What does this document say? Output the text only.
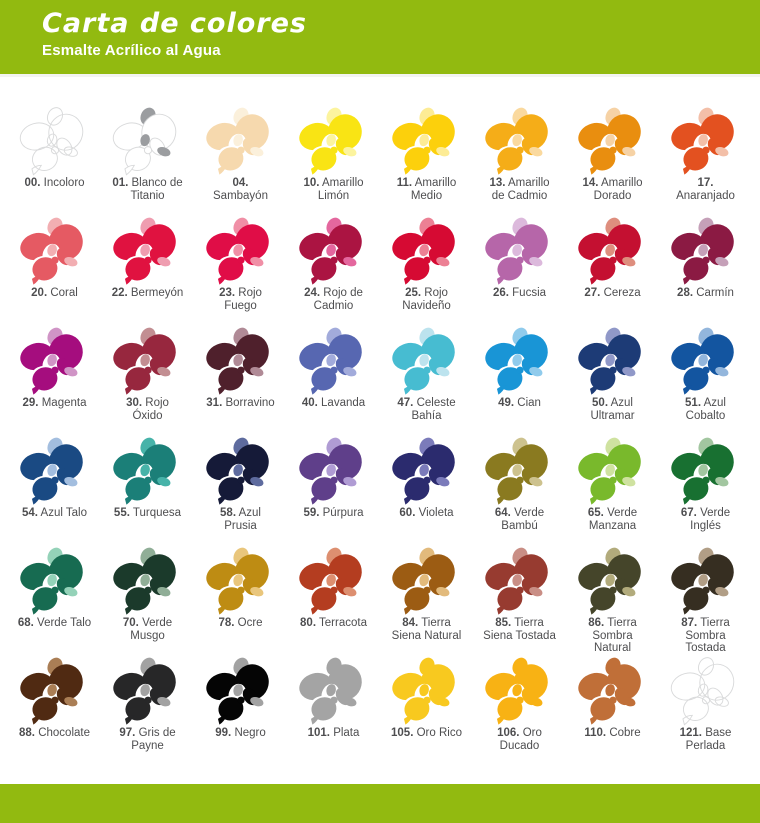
Carta de colores
Esmalte Acrílico al Agua
00. Incoloro 01. Blanco de Titanio
04. Sambayón
10. Amarillo Limón
11. Amarillo Medio
13. Amarillo de Cadmio
14. Amarillo Dorado
17. Anaranjado
20. Coral	22. Bermeyón	23. Rojo Fuego
24. Rojo de Cadmio
25. Rojo Navideño
26. Fucsia	27. Cereza	28. Carmín
29. Magenta	30. Rojo Óxido
31. Borravino 40. Lavanda	47. Celeste Bahía
49. Cian	50. Azul Ultramar
51. Azul Cobalto
54. Azul Talo 55. Turquesa	58. Azul Prusia
59. Púrpura	60. Violeta	64. Verde Bambú
65. Verde Manzana
67. Verde Inglés
68. Verde Talo	70. Verde Musgo
78. Ocre	80. Terracota	84. Tierra Siena Natural
85. Tierra Siena Tostada
86. Tierra Sombra Natural
87. Tierra Sombra Tostada
88. Chocolate	97. Gris de Payne
99. Negro	101. Plata	105. Oro Rico	106. Oro Ducado
110. Cobre	121. Base Perlada
